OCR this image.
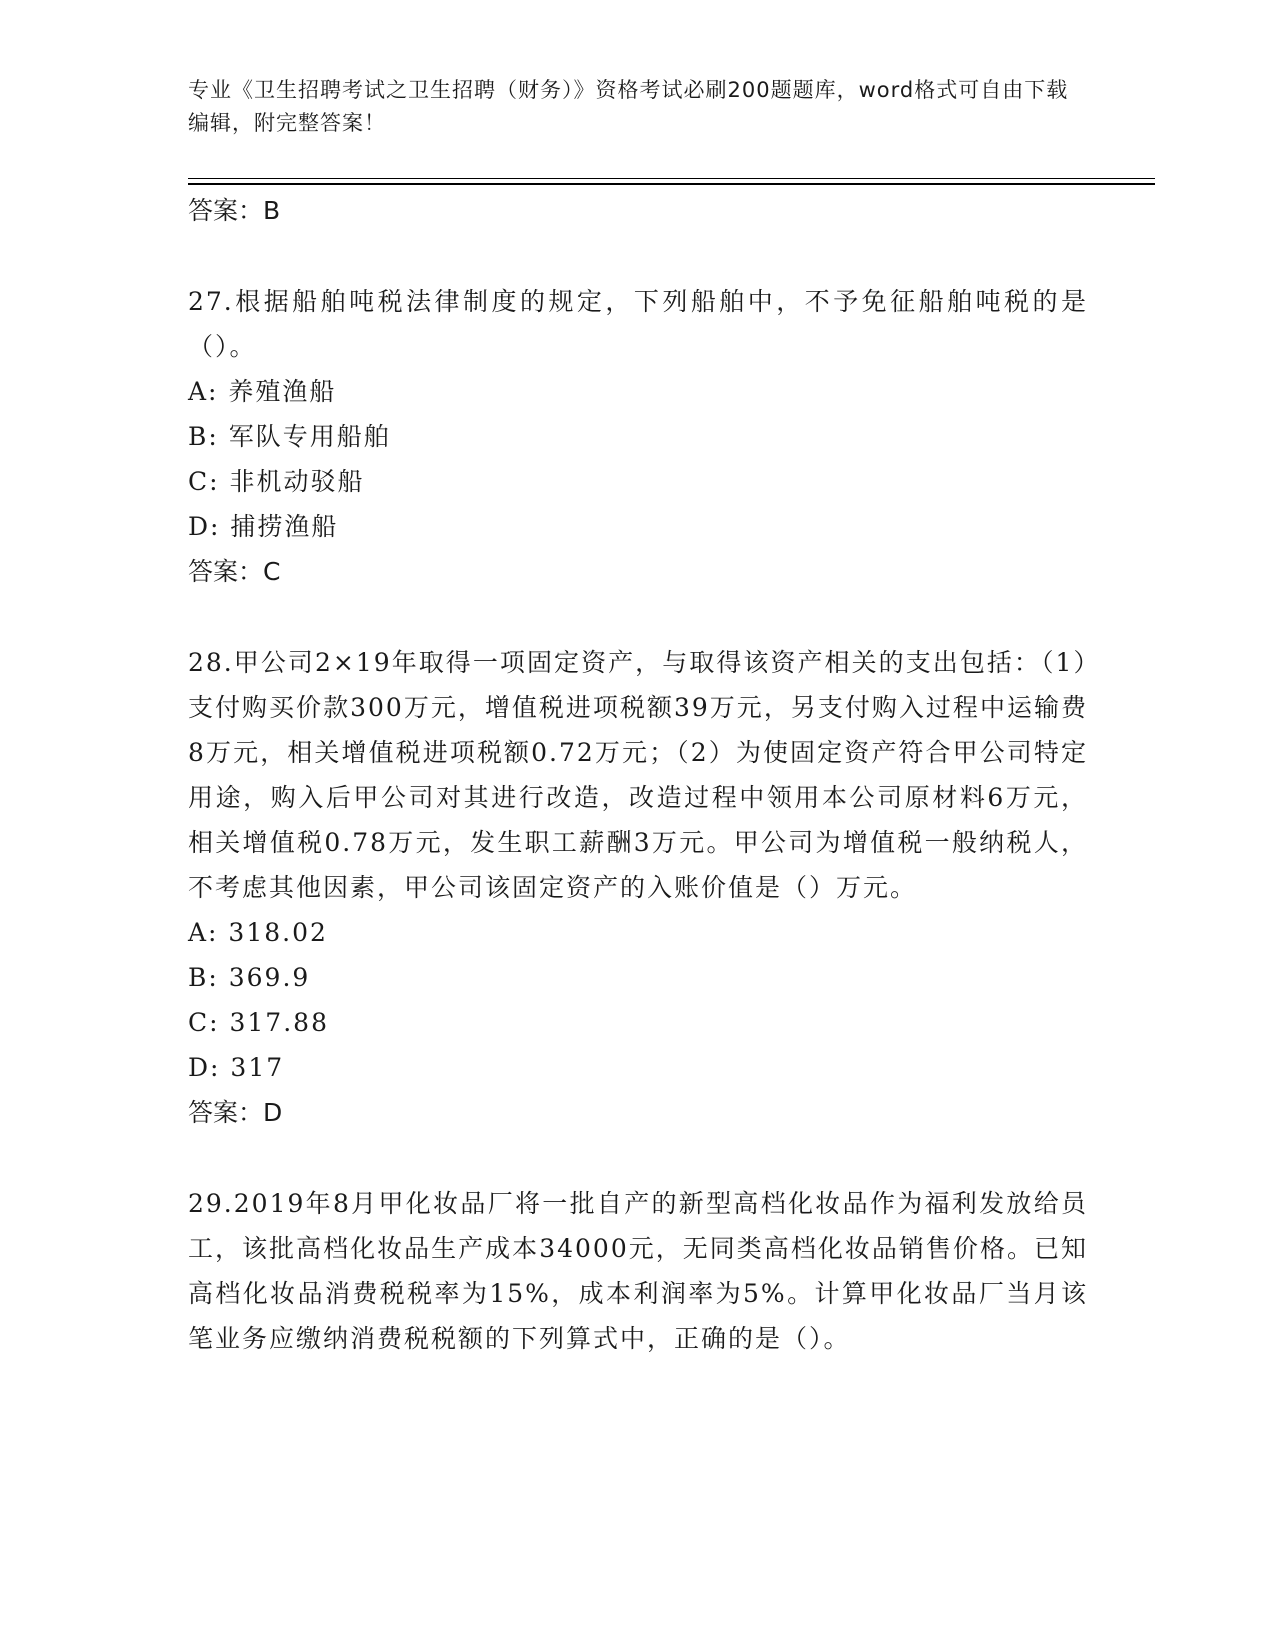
专业《卫生招聘考试之卫生招聘（财务）》资格考试必刷200题题库，word格式可自由下载编辑，附完整答案！
答案：B
27.根据船舶吨税法律制度的规定，下列船舶中，不予免征船舶吨税的是（）。
A: 养殖渔船
B: 军队专用船舶
C: 非机动驳船
D: 捕捞渔船
答案：C
28.甲公司2×19年取得一项固定资产，与取得该资产相关的支出包括：（1）支付购买价款300万元，增值税进项税额39万元，另支付购入过程中运输费8万元，相关增值税进项税额0.72万元；（2）为使固定资产符合甲公司特定用途，购入后甲公司对其进行改造，改造过程中领用本公司原材料6万元，相关增值税0.78万元，发生职工薪酬3万元。甲公司为增值税一般纳税人，不考虑其他因素，甲公司该固定资产的入账价值是（）万元。
A: 318.02
B: 369.9
C: 317.88
D: 317
答案：D
29.2019年8月甲化妆品厂将一批自产的新型高档化妆品作为福利发放给员工，该批高档化妆品生产成本34000元，无同类高档化妆品销售价格。已知高档化妆品消费税税率为15%，成本利润率为5%。计算甲化妆品厂当月该笔业务应缴纳消费税税额的下列算式中，正确的是（）。
